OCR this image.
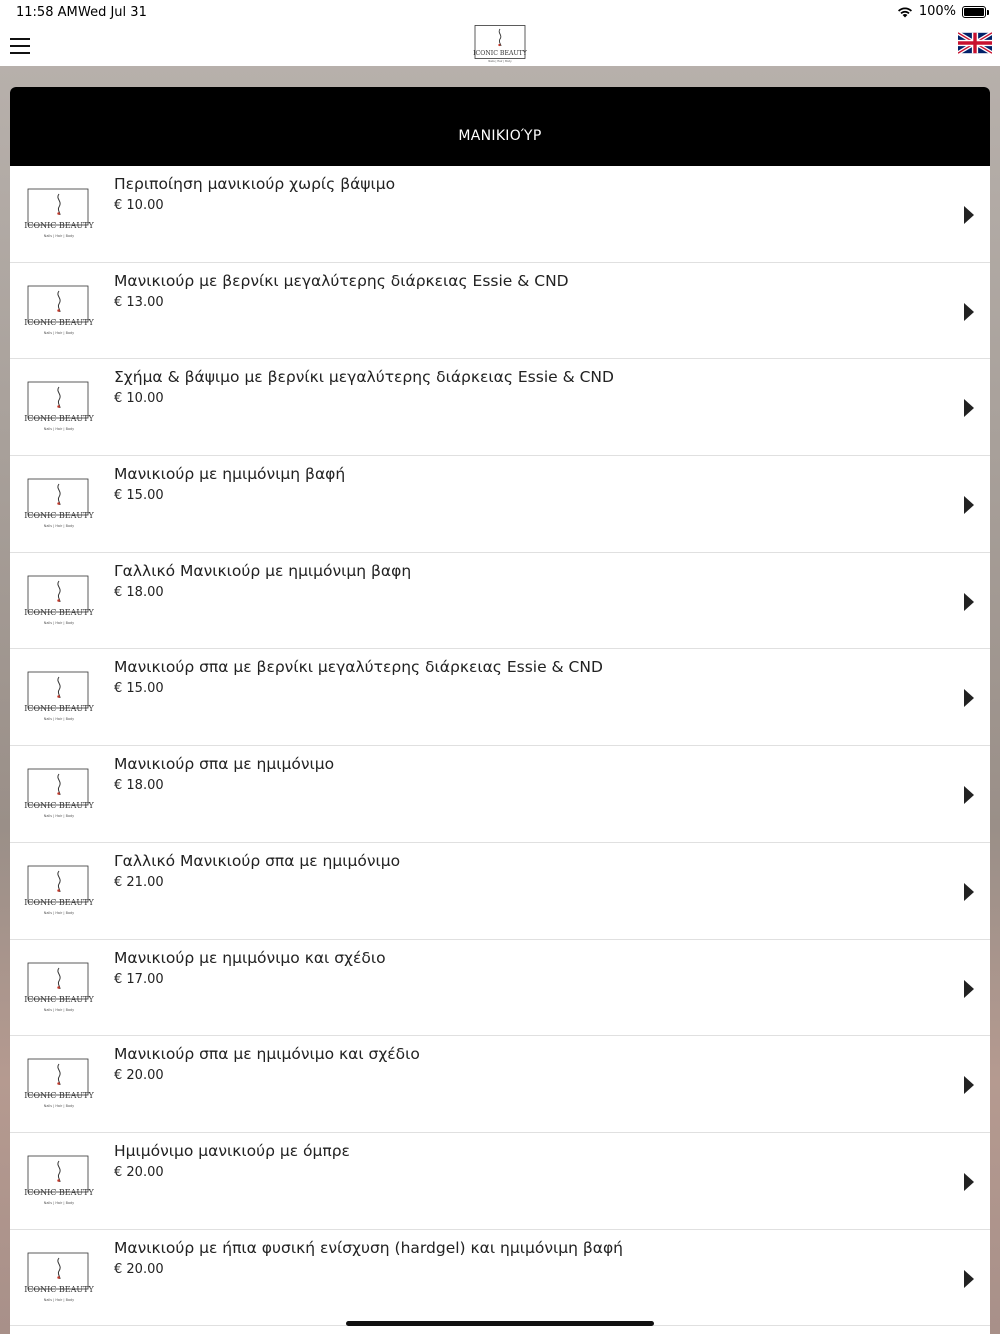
11:58 AM Wed Jul 31	100%
ICONIC BEAUTY
Nails | Hair | Body
ΜΑΝΙΚΙΟΎΡ
ICONIC BEAUTY
Nails | Hair | Body
Περιποίηση μανικιούρ χωρίς βάψιμο
€ 10.00
ICONIC BEAUTY
Nails | Hair | Body
Μανικιούρ με βερνίκι μεγαλύτερης διάρκειας Essie & CND
€ 13.00
ICONIC BEAUTY
Nails | Hair | Body
Σχήμα & βάψιμο με βερνίκι μεγαλύτερης διάρκειας Essie & CND
€ 10.00
ICONIC BEAUTY
Nails | Hair | Body
Μανικιούρ με ημιμόνιμη βαφή
€ 15.00
ICONIC BEAUTY
Nails | Hair | Body
Γαλλικό Μανικιούρ με ημιμόνιμη βαφη
€ 18.00
ICONIC BEAUTY
Nails | Hair | Body
Μανικιούρ σπα με βερνίκι μεγαλύτερης διάρκειας Essie & CND
€ 15.00
ICONIC BEAUTY
Nails | Hair | Body
Μανικιούρ σπα με ημιμόνιμο
€ 18.00
ICONIC BEAUTY
Nails | Hair | Body
Γαλλικό Μανικιούρ σπα με ημιμόνιμο
€ 21.00
ICONIC BEAUTY
Nails | Hair | Body
Μανικιούρ με ημιμόνιμο και σχέδιο
€ 17.00
ICONIC BEAUTY
Nails | Hair | Body
Μανικιούρ σπα με ημιμόνιμο και σχέδιο
€ 20.00
ICONIC BEAUTY
Nails | Hair | Body
Ημιμόνιμο μανικιούρ με όμπρε
€ 20.00
ICONIC BEAUTY
Nails | Hair | Body
Μανικιούρ με ήπια φυσική ενίσχυση (hardgel) και ημιμόνιμη βαφή
€ 20.00
